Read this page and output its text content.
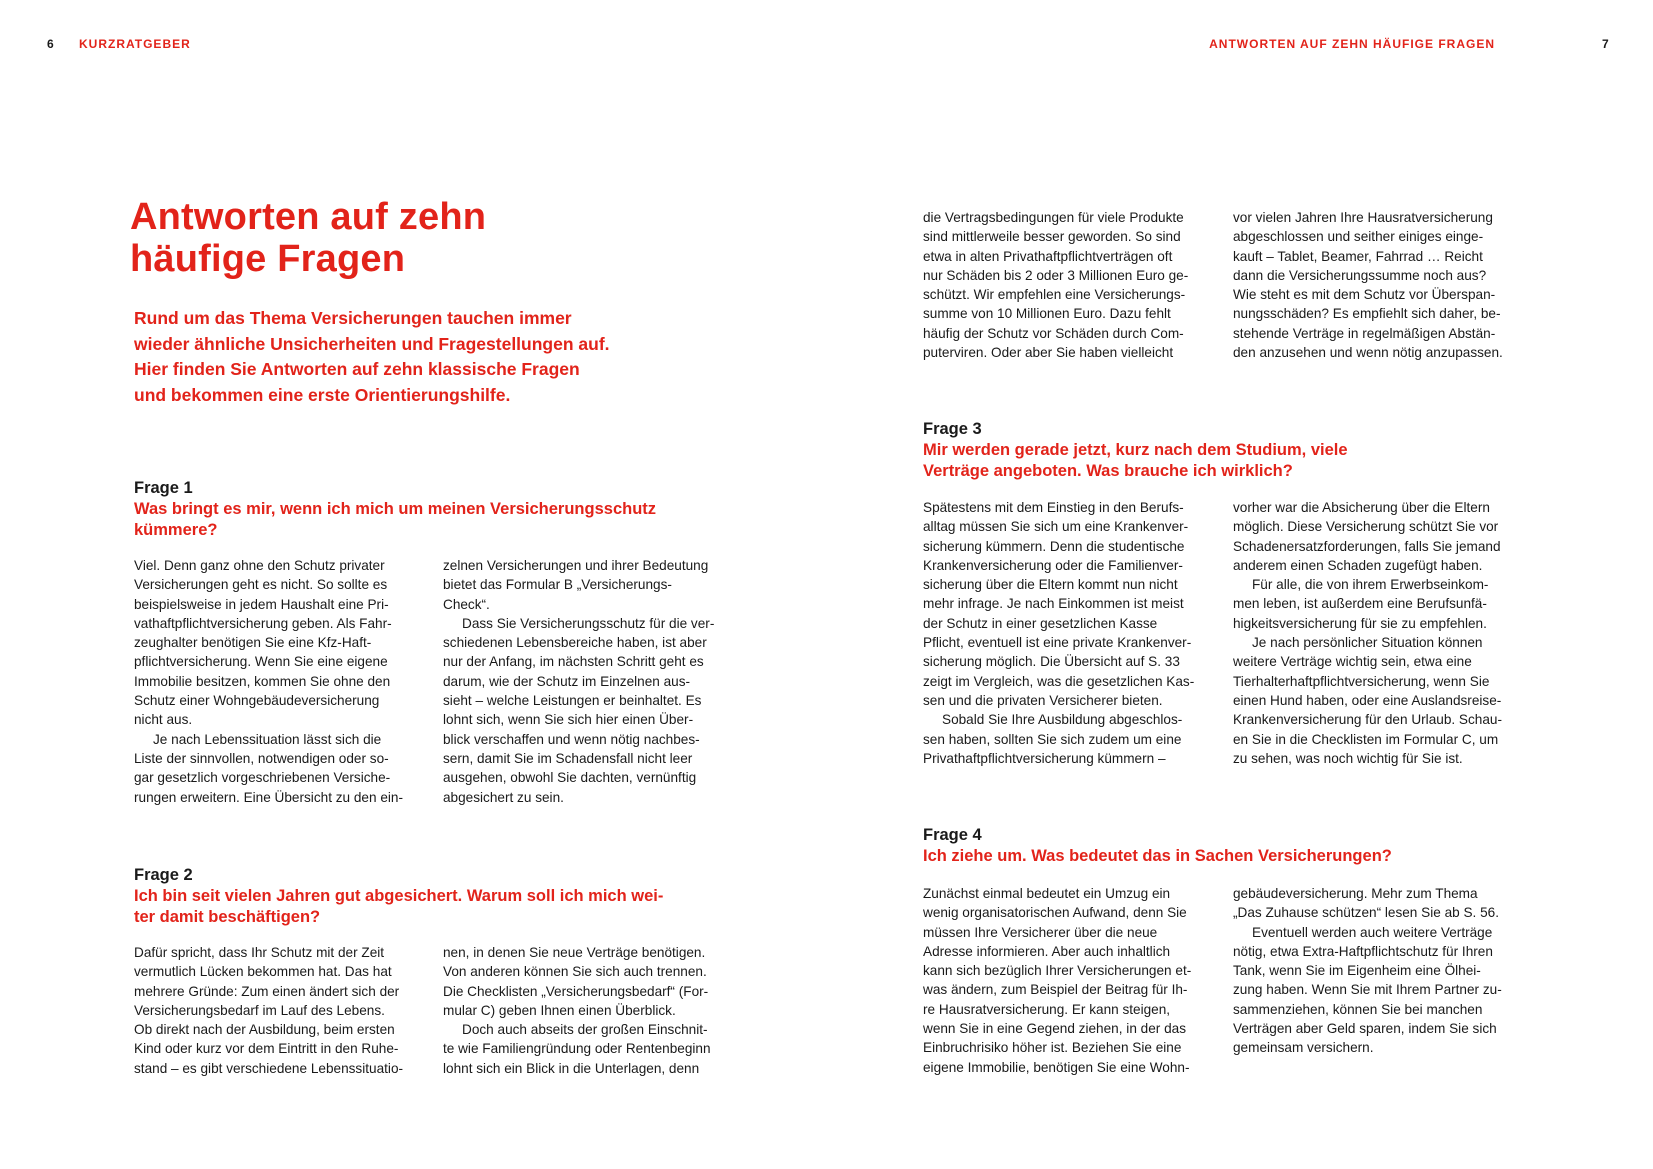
6 KURZRATGEBER	ANTWORTEN AUF ZEHN HÄUFIGE FRAGEN	7
Antworten auf zehn
häufige Fragen
Rund um das Thema Versicherungen tauchen immer
wieder ähnliche Unsicherheiten und Fragestellungen auf.
Hier finden Sie Antworten auf zehn klassische Fragen
und bekommen eine erste Orientierungshilfe.
Frage 1
Was bringt es mir, wenn ich mich um meinen Versicherungsschutz
kümmere?
Viel. Denn ganz ohne den Schutz privater
Versicherungen geht es nicht. So sollte es
beispielsweise in jedem Haushalt eine Pri-
vathaftpflichtversicherung geben. Als Fahr-
zeughalter benötigen Sie eine Kfz-Haft-
pflichtversicherung. Wenn Sie eine eigene
Immobilie besitzen, kommen Sie ohne den
Schutz einer Wohngebäudeversicherung
nicht aus.
Je nach Lebenssituation lässt sich die
Liste der sinnvollen, notwendigen oder so-
gar gesetzlich vorgeschriebenen Versiche-
rungen erweitern. Eine Übersicht zu den ein-
zelnen Versicherungen und ihrer Bedeutung
bietet das Formular B „Versicherungs-
Check“.
Dass Sie Versicherungsschutz für die ver-
schiedenen Lebensbereiche haben, ist aber
nur der Anfang, im nächsten Schritt geht es
darum, wie der Schutz im Einzelnen aus-
sieht – welche Leistungen er beinhaltet. Es
lohnt sich, wenn Sie sich hier einen Über-
blick verschaffen und wenn nötig nachbes-
sern, damit Sie im Schadensfall nicht leer
ausgehen, obwohl Sie dachten, vernünftig
abgesichert zu sein.
Frage 2
Ich bin seit vielen Jahren gut abgesichert. Warum soll ich mich wei-
ter damit beschäftigen?
Dafür spricht, dass Ihr Schutz mit der Zeit
vermutlich Lücken bekommen hat. Das hat
mehrere Gründe: Zum einen ändert sich der
Versicherungsbedarf im Lauf des Lebens.
Ob direkt nach der Ausbildung, beim ersten
Kind oder kurz vor dem Eintritt in den Ruhe-
stand – es gibt verschiedene Lebenssituatio-
nen, in denen Sie neue Verträge benötigen.
Von anderen können Sie sich auch trennen.
Die Checklisten „Versicherungsbedarf“ (For-
mular C) geben Ihnen einen Überblick.
Doch auch abseits der großen Einschnit-
te wie Familiengründung oder Rentenbeginn
lohnt sich ein Blick in die Unterlagen, denn
die Vertragsbedingungen für viele Produkte
sind mittlerweile besser geworden. So sind
etwa in alten Privathaftpflichtverträgen oft
nur Schäden bis 2 oder 3 Millionen Euro ge-
schützt. Wir empfehlen eine Versicherungs-
summe von 10 Millionen Euro. Dazu fehlt
häufig der Schutz vor Schäden durch Com-
puterviren. Oder aber Sie haben vielleicht
vor vielen Jahren Ihre Hausratversicherung
abgeschlossen und seither einiges einge-
kauft – Tablet, Beamer, Fahrrad … Reicht
dann die Versicherungssumme noch aus?
Wie steht es mit dem Schutz vor Überspan-
nungsschäden? Es empfiehlt sich daher, be-
stehende Verträge in regelmäßigen Abstän-
den anzusehen und wenn nötig anzupassen.
Frage 3
Mir werden gerade jetzt, kurz nach dem Studium, viele
Verträge angeboten. Was brauche ich wirklich?
Spätestens mit dem Einstieg in den Berufs-
alltag müssen Sie sich um eine Krankenver-
sicherung kümmern. Denn die studentische
Krankenversicherung oder die Familienver-
sicherung über die Eltern kommt nun nicht
mehr infrage. Je nach Einkommen ist meist
der Schutz in einer gesetzlichen Kasse
Pflicht, eventuell ist eine private Krankenver-
sicherung möglich. Die Übersicht auf S. 33
zeigt im Vergleich, was die gesetzlichen Kas-
sen und die privaten Versicherer bieten.
Sobald Sie Ihre Ausbildung abgeschlos-
sen haben, sollten Sie sich zudem um eine
Privathaftpflichtversicherung kümmern –
vorher war die Absicherung über die Eltern
möglich. Diese Versicherung schützt Sie vor
Schadenersatzforderungen, falls Sie jemand
anderem einen Schaden zugefügt haben.
Für alle, die von ihrem Erwerbseinkom-
men leben, ist außerdem eine Berufsunfä-
higkeitsversicherung für sie zu empfehlen.
Je nach persönlicher Situation können
weitere Verträge wichtig sein, etwa eine
Tierhalterhaftpflichtversicherung, wenn Sie
einen Hund haben, oder eine Auslandsreise-
Krankenversicherung für den Urlaub. Schau-
en Sie in die Checklisten im Formular C, um
zu sehen, was noch wichtig für Sie ist.
Frage 4
Ich ziehe um. Was bedeutet das in Sachen Versicherungen?
Zunächst einmal bedeutet ein Umzug ein
wenig organisatorischen Aufwand, denn Sie
müssen Ihre Versicherer über die neue
Adresse informieren. Aber auch inhaltlich
kann sich bezüglich Ihrer Versicherungen et-
was ändern, zum Beispiel der Beitrag für Ih-
re Hausratversicherung. Er kann steigen,
wenn Sie in eine Gegend ziehen, in der das
Einbruchrisiko höher ist. Beziehen Sie eine
eigene Immobilie, benötigen Sie eine Wohn-
gebäudeversicherung. Mehr zum Thema
„Das Zuhause schützen“ lesen Sie ab S. 56.
Eventuell werden auch weitere Verträge
nötig, etwa Extra-Haftpflichtschutz für Ihren
Tank, wenn Sie im Eigenheim eine Ölhei-
zung haben. Wenn Sie mit Ihrem Partner zu-
sammenziehen, können Sie bei manchen
Verträgen aber Geld sparen, indem Sie sich
gemeinsam versichern.
